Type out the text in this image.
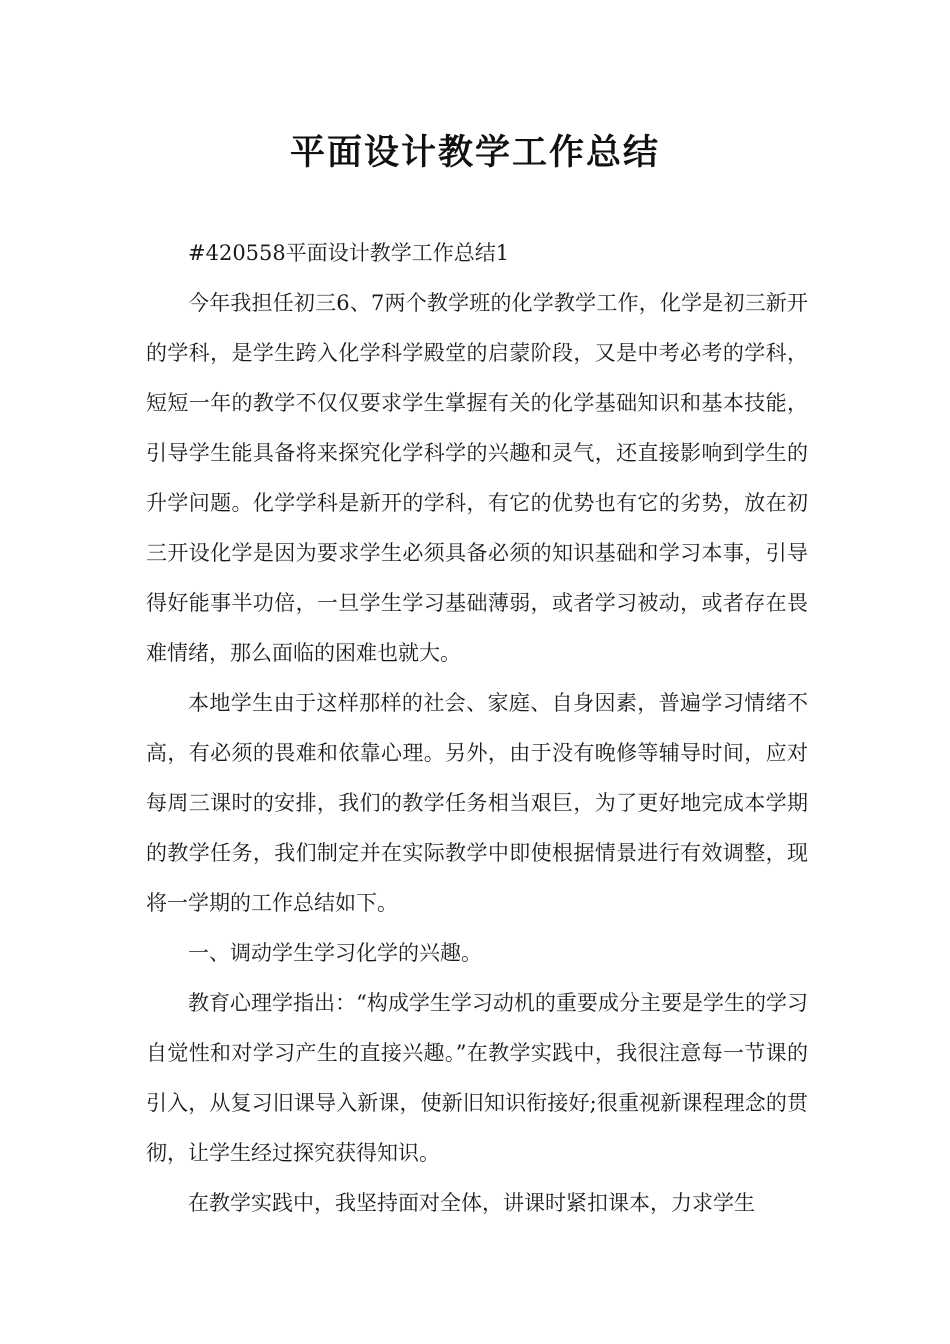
平面设计教学工作总结

#420558平面设计教学工作总结1

今年我担任初三6、7两个教学班的化学教学工作，化学是初三新开的学科，是学生跨入化学科学殿堂的启蒙阶段，又是中考必考的学科，短短一年的教学不仅仅要求学生掌握有关的化学基础知识和基本技能，引导学生能具备将来探究化学科学的兴趣和灵气，还直接影响到学生的升学问题。化学学科是新开的学科，有它的优势也有它的劣势，放在初三开设化学是因为要求学生必须具备必须的知识基础和学习本事，引导得好能事半功倍，一旦学生学习基础薄弱，或者学习被动，或者存在畏难情绪，那么面临的困难也就大。

本地学生由于这样那样的社会、家庭、自身因素，普遍学习情绪不高，有必须的畏难和依靠心理。另外，由于没有晚修等辅导时间，应对每周三课时的安排，我们的教学任务相当艰巨，为了更好地完成本学期的教学任务，我们制定并在实际教学中即使根据情景进行有效调整，现将一学期的工作总结如下。

一、调动学生学习化学的兴趣。

教育心理学指出：“构成学生学习动机的重要成分主要是学生的学习自觉性和对学习产生的直接兴趣。”在教学实践中，我很注意每一节课的引入，从复习旧课导入新课，使新旧知识衔接好;很重视新课程理念的贯彻，让学生经过探究获得知识。

在教学实践中，我坚持面对全体，讲课时紧扣课本，力求学生
